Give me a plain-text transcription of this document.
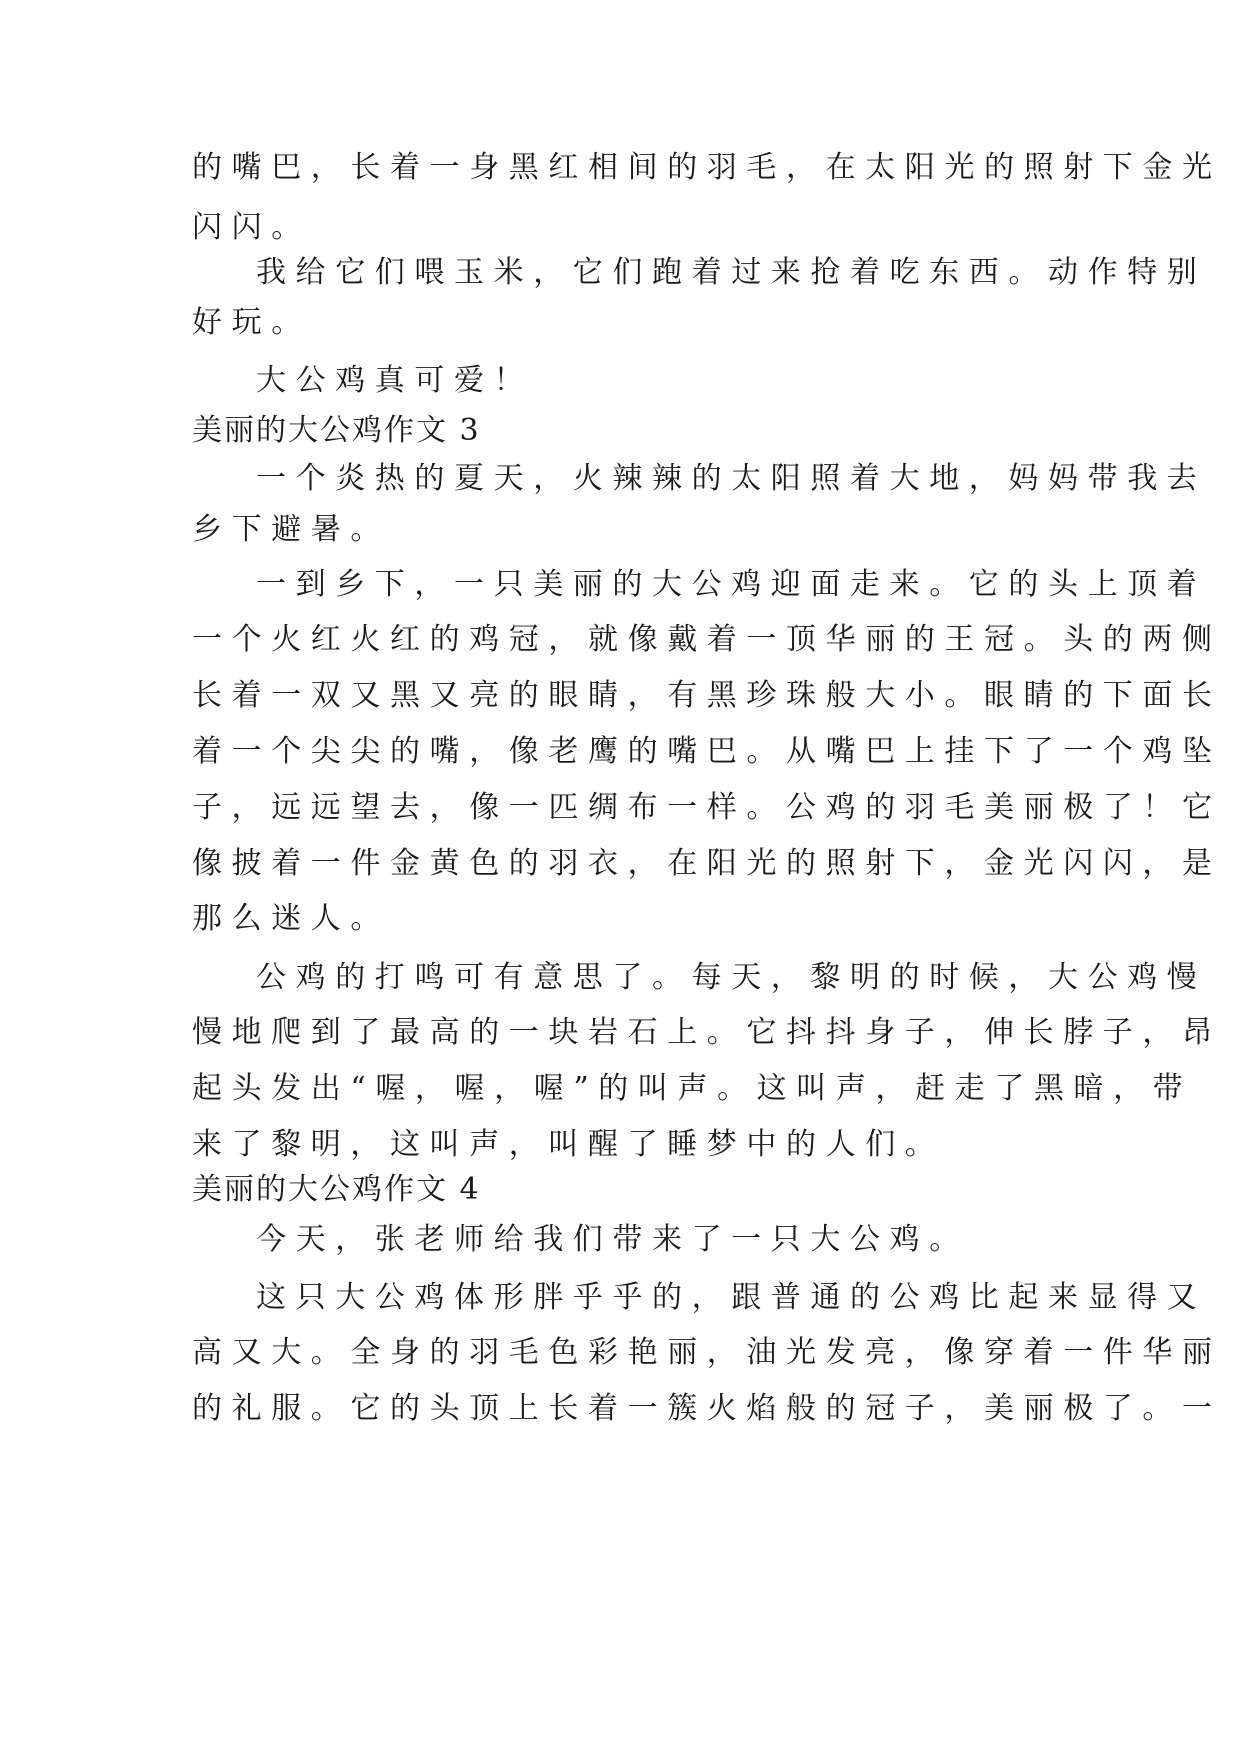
的嘴巴，长着一身黑红相间的羽毛，在太阳光的照射下金光
闪闪。
我给它们喂玉米，它们跑着过来抢着吃东西。动作特别
好玩。
大公鸡真可爱！
美丽的大公鸡作文 3
一个炎热的夏天，火辣辣的太阳照着大地，妈妈带我去
乡下避暑。
一到乡下，一只美丽的大公鸡迎面走来。它的头上顶着
一个火红火红的鸡冠，就像戴着一顶华丽的王冠。头的两侧
长着一双又黑又亮的眼睛，有黑珍珠般大小。眼睛的下面长
着一个尖尖的嘴，像老鹰的嘴巴。从嘴巴上挂下了一个鸡坠
子，远远望去，像一匹绸布一样。公鸡的羽毛美丽极了！它
像披着一件金黄色的羽衣，在阳光的照射下，金光闪闪，是
那么迷人。
公鸡的打鸣可有意思了。每天，黎明的时候，大公鸡慢
慢地爬到了最高的一块岩石上。它抖抖身子，伸长脖子，昂
起头发出“喔，喔，喔”的叫声。这叫声，赶走了黑暗，带
来了黎明，这叫声，叫醒了睡梦中的人们。
美丽的大公鸡作文 4
今天，张老师给我们带来了一只大公鸡。
这只大公鸡体形胖乎乎的，跟普通的公鸡比起来显得又
高又大。全身的羽毛色彩艳丽，油光发亮，像穿着一件华丽
的礼服。它的头顶上长着一簇火焰般的冠子，美丽极了。一
